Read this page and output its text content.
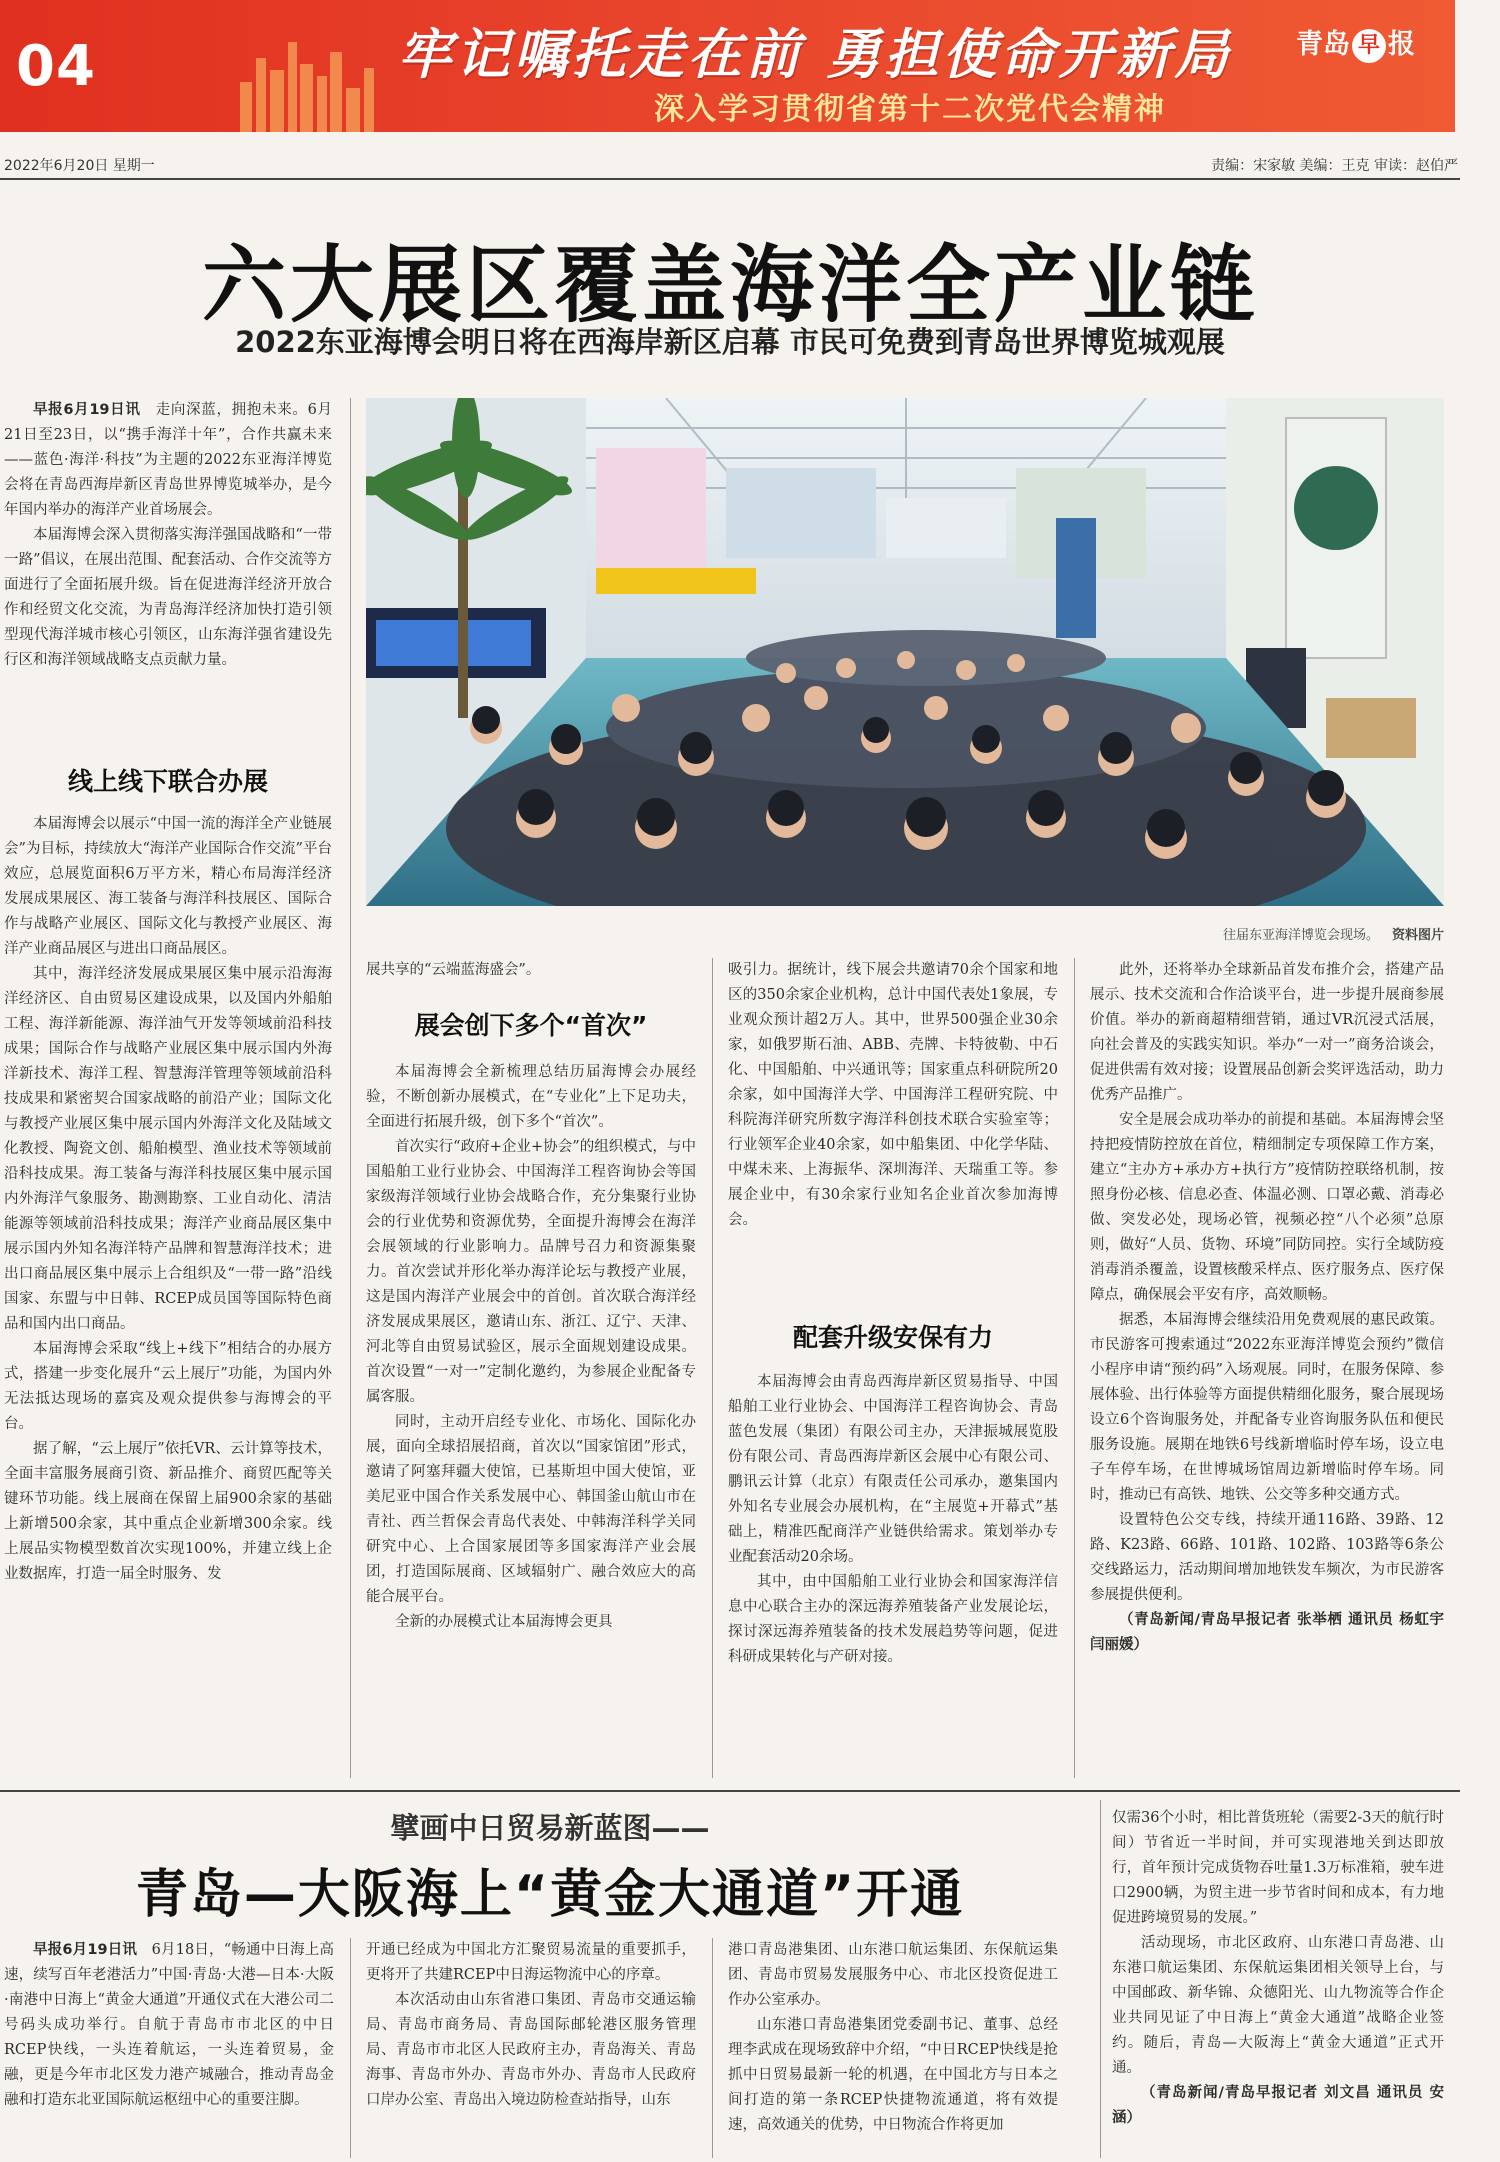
04	牢记嘱托走在前 勇担使命开新局
深入学习贯彻省第十二次党代会精神
青岛 早 报
2022年6月20日 星期一	责编：宋家敏 美编：王克 审读：赵伯严
六大展区覆盖海洋全产业链
2022东亚海博会明日将在西海岸新区启幕 市民可免费到青岛世界博览城观展

早报6月19日讯  走向深蓝，拥抱未来。6月21日至23日，以“携手海洋十年”，合作共赢未来——蓝色·海洋·科技”为主题的2022东亚海洋博览会将在青岛西海岸新区青岛世界博览城举办，是今年国内举办的海洋产业首场展会。

本届海博会深入贯彻落实海洋强国战略和“一带一路”倡议，在展出范围、配套活动、合作交流等方面进行了全面拓展升级。旨在促进海洋经济开放合作和经贸文化交流，为青岛海洋经济加快打造引领型现代海洋城市核心引领区，山东海洋强省建设先行区和海洋领域战略支点贡献力量。

线上线下联合办展

本届海博会以展示“中国一流的海洋全产业链展会”为目标，持续放大“海洋产业国际合作交流”平台效应，总展览面积6万平方米，精心布局海洋经济发展成果展区、海工装备与海洋科技展区、国际合作与战略产业展区、国际文化与教授产业展区、海洋产业商品展区与进出口商品展区。

其中，海洋经济发展成果展区集中展示沿海海洋经济区、自由贸易区建设成果，以及国内外船舶工程、海洋新能源、海洋油气开发等领域前沿科技成果；国际合作与战略产业展区集中展示国内外海洋新技术、海洋工程、智慧海洋管理等领域前沿科技成果和紧密契合国家战略的前沿产业；国际文化与教授产业展区集中展示国内外海洋文化及陆域文化教授、陶瓷文创、船舶模型、渔业技术等领域前沿科技成果。海工装备与海洋科技展区集中展示国内外海洋气象服务、勘测勘察、工业自动化、清洁能源等领域前沿科技成果；海洋产业商品展区集中展示国内外知名海洋特产品牌和智慧海洋技术；进出口商品展区集中展示上合组织及“一带一路”沿线国家、东盟与中日韩、RCEP成员国等国际特色商品和国内出口商品。

本届海博会采取“线上+线下”相结合的办展方式，搭建一步变化展升“云上展厅”功能，为国内外无法抵达现场的嘉宾及观众提供参与海博会的平台。

据了解，“云上展厅”依托VR、云计算等技术，全面丰富服务展商引资、新品推介、商贸匹配等关键环节功能。线上展商在保留上届900余家的基础上新增500余家，其中重点企业新增300余家。线上展品实物模型数首次实现100%，并建立线上企业数据库，打造一届全时服务、发

往届东亚海洋博览会现场。  资料图片

展共享的“云端蓝海盛会”。

展会创下多个“首次”

本届海博会全新梳理总结历届海博会办展经验，不断创新办展模式，在“专业化”上下足功夫，全面进行拓展升级，创下多个“首次”。

首次实行“政府+企业+协会”的组织模式，与中国船舶工业行业协会、中国海洋工程咨询协会等国家级海洋领域行业协会战略合作，充分集聚行业协会的行业优势和资源优势，全面提升海博会在海洋会展领域的行业影响力。品牌号召力和资源集聚力。首次尝试并形化举办海洋论坛与教授产业展，这是国内海洋产业展会中的首创。首次联合海洋经济发展成果展区，邀请山东、浙江、辽宁、天津、河北等自由贸易试验区，展示全面规划建设成果。首次设置“一对一”定制化邀约，为参展企业配备专属客服。

同时，主动开启经专业化、市场化、国际化办展，面向全球招展招商，首次以“国家馆团”形式，邀请了阿塞拜疆大使馆，已基斯坦中国大使馆，亚美尼亚中国合作关系发展中心、韩国釜山航山市在青社、西兰哲保会青岛代表处、中韩海洋科学关同研究中心、上合国家展团等多国家海洋产业会展团，打造国际展商、区域辐射广、融合效应大的高能合展平台。

全新的办展模式让本届海博会更具

吸引力。据统计，线下展会共邀请70余个国家和地区的350余家企业机构，总计中国代表处1象展，专业观众预计超2万人。其中，世界500强企业30余家，如俄罗斯石油、ABB、壳牌、卡特彼勒、中石化、中国船舶、中兴通讯等；国家重点科研院所20余家，如中国海洋大学、中国海洋工程研究院、中科院海洋研究所数字海洋科创技术联合实验室等；行业领军企业40余家，如中船集团、中化学华陆、中煤未来、上海振华、深圳海洋、天瑞重工等。参展企业中，有30余家行业知名企业首次参加海博会。

配套升级安保有力

本届海博会由青岛西海岸新区贸易指导、中国船舶工业行业协会、中国海洋工程咨询协会、青岛蓝色发展（集团）有限公司主办，天津振城展览股份有限公司、青岛西海岸新区会展中心有限公司、鹏讯云计算（北京）有限责任公司承办，邀集国内外知名专业展会办展机构，在“主展览+开幕式”基础上，精准匹配商洋产业链供给需求。策划举办专业配套活动20余场。

其中，由中国船舶工业行业协会和国家海洋信息中心联合主办的深远海养殖装备产业发展论坛，探讨深远海养殖装备的技术发展趋势等问题，促进科研成果转化与产研对接。

此外，还将举办全球新品首发布推介会，搭建产品展示、技术交流和合作洽谈平台，进一步提升展商参展价值。举办的新商超精细营销，通过VR沉浸式活展，向社会普及的实践实知识。举办“一对一”商务洽谈会，促进供需有效对接；设置展品创新会奖评选活动，助力优秀产品推广。

安全是展会成功举办的前提和基础。本届海博会坚持把疫情防控放在首位，精细制定专项保障工作方案，建立“主办方+承办方+执行方”疫情防控联络机制，按照身份必核、信息必查、体温必测、口罩必戴、消毒必做、突发必处，现场必管，视频必控“八个必须”总原则，做好“人员、货物、环境”同防同控。实行全域防疫消毒消杀覆盖，设置核酸采样点、医疗服务点、医疗保障点，确保展会平安有序，高效顺畅。

据悉，本届海博会继续沿用免费观展的惠民政策。市民游客可搜索通过“2022东亚海洋博览会预约”微信小程序申请“预约码”入场观展。同时，在服务保障、参展体验、出行体验等方面提供精细化服务，聚合展现场设立6个咨询服务处，并配备专业咨询服务队伍和便民服务设施。展期在地铁6号线新增临时停车场，设立电子车停车场，在世博城场馆周边新增临时停车场。同时，推动已有高铁、地铁、公交等多种交通方式。

设置特色公交专线，持续开通116路、39路、12路、K23路、66路、101路、102路、103路等6条公交线路运力，活动期间增加地铁发车频次，为市民游客参展提供便利。

（青岛新闻/青岛早报记者 张举栖 通讯员 杨虹宇 闫丽媛）

擘画中日贸易新蓝图——
青岛—大阪海上“黄金大通道”开通

早报6月19日讯  6月18日，“畅通中日海上高速，续写百年老港活力”中国·青岛·大港—日本·大阪·南港中日海上“黄金大通道”开通仪式在大港公司二号码头成功举行。自航于青岛市市北区的中日RCEP快线，一头连着航运，一头连着贸易，金融，更是今年市北区发力港产城融合，推动青岛金融和打造东北亚国际航运枢纽中心的重要注脚。

开通已经成为中国北方汇聚贸易流量的重要抓手，更将开了共建RCEP中日海运物流中心的序章。

本次活动由山东省港口集团、青岛市交通运输局、青岛市商务局、青岛国际邮轮港区服务管理局、青岛市市北区人民政府主办，青岛海关、青岛海事、青岛市外办、青岛市外办、青岛市人民政府口岸办公室、青岛出入境边防检查站指导，山东

港口青岛港集团、山东港口航运集团、东保航运集团、青岛市贸易发展服务中心、市北区投资促进工作办公室承办。

山东港口青岛港集团党委副书记、董事、总经理李武成在现场致辞中介绍，“中日RCEP快线是抢抓中日贸易最新一轮的机遇，在中国北方与日本之间打造的第一条RCEP快捷物流通道，将有效提速，高效通关的优势，中日物流合作将更加

仅需36个小时，相比普货班轮（需要2-3天的航行时间）节省近一半时间，并可实现港地关到达即放行，首年预计完成货物吞吐量1.3万标准箱，驶车进口2900辆，为贸主进一步节省时间和成本，有力地促进跨境贸易的发展。”

活动现场，市北区政府、山东港口青岛港、山东港口航运集团、东保航运集团相关领导上台，与中国邮政、新华锦、众德阳光、山九物流等合作企业共同见证了中日海上“黄金大通道”战略企业签约。随后，青岛—大阪海上“黄金大通道”正式开通。

（青岛新闻/青岛早报记者 刘文昌 通讯员 安涵）
